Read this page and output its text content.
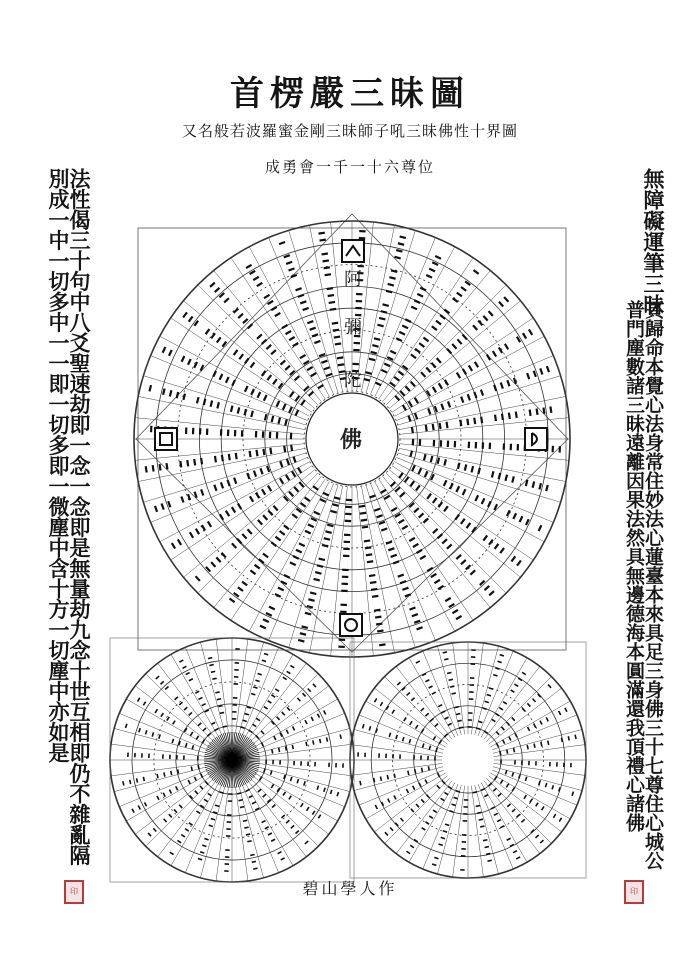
首楞嚴三昧圖
又名般若波羅蜜金剛三昧師子吼三昧佛性十界圖
成勇會一千一十六尊位
法性偈三十句中八爻聖速劫即一念一念即是無量劫九念十世互相即仍不雜亂隔別成一中一切多中一一即一切多即一微塵中含十方一切塵中亦如是	無障礙運筆三昧
頁歸命本覺心法身常住妙法心蓮臺本來具足三身佛三十七尊住心城公普門塵數諸三昧遠離因果法然具無邊德海本圓滿還我頂禮心諸佛
印	印
碧山學人作
阿
彌
陀
佛
